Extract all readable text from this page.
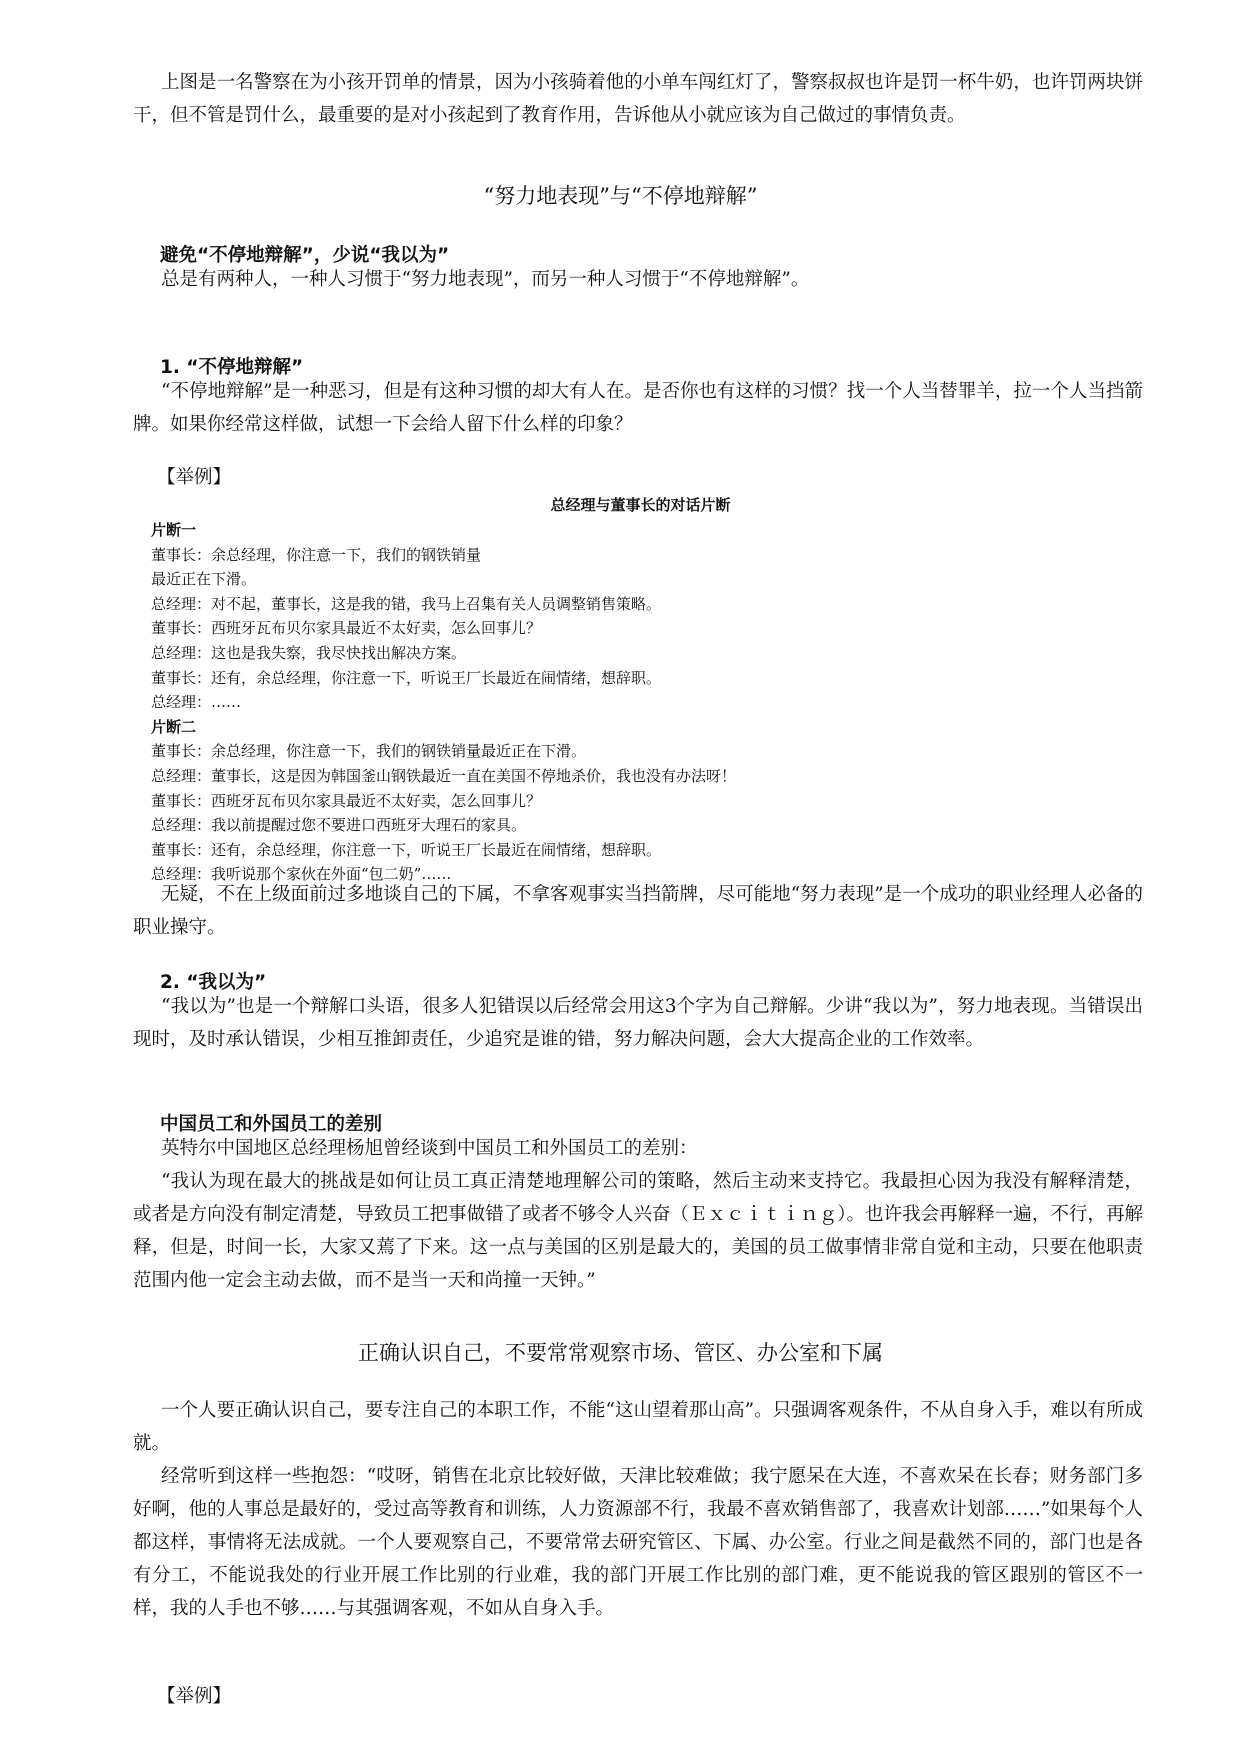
上图是一名警察在为小孩开罚单的情景，因为小孩骑着他的小单车闯红灯了，警察叔叔也许是罚一杯牛奶，也许罚两块饼干，但不管是罚什么，最重要的是对小孩起到了教育作用，告诉他从小就应该为自己做过的事情负责。

“努力地表现”与“不停地辩解”

避免“不停地辩解”，少说“我以为”

总是有两种人，一种人习惯于“努力地表现”，而另一种人习惯于“不停地辩解”。

1. “不停地辩解”

“不停地辩解”是一种恶习，但是有这种习惯的却大有人在。是否你也有这样的习惯？找一个人当替罪羊，拉一个人当挡箭牌。如果你经常这样做，试想一下会给人留下什么样的印象？

【举例】

总经理与董事长的对话片断

片断一
董事长：余总经理，你注意一下，我们的钢铁销量
最近正在下滑。
总经理：对不起，董事长，这是我的错，我马上召集有关人员调整销售策略。
董事长：西班牙瓦布贝尔家具最近不太好卖，怎么回事儿？
总经理：这也是我失察，我尽快找出解决方案。
董事长：还有，余总经理，你注意一下，听说王厂长最近在闹情绪，想辞职。
总经理：……
片断二
董事长：余总经理，你注意一下，我们的钢铁销量最近正在下滑。
总经理：董事长，这是因为韩国釜山钢铁最近一直在美国不停地杀价，我也没有办法呀！
董事长：西班牙瓦布贝尔家具最近不太好卖，怎么回事儿？
总经理：我以前提醒过您不要进口西班牙大理石的家具。
董事长：还有，余总经理，你注意一下，听说王厂长最近在闹情绪，想辞职。
总经理：我听说那个家伙在外面“包二奶”……

无疑，不在上级面前过多地谈自己的下属，不拿客观事实当挡箭牌，尽可能地“努力表现”是一个成功的职业经理人必备的职业操守。

2. “我以为”

“我以为”也是一个辩解口头语，很多人犯错误以后经常会用这3个字为自己辩解。少讲“我以为”，努力地表现。当错误出现时，及时承认错误，少相互推卸责任，少追究是谁的错，努力解决问题，会大大提高企业的工作效率。

中国员工和外国员工的差别

英特尔中国地区总经理杨旭曾经谈到中国员工和外国员工的差别：

“我认为现在最大的挑战是如何让员工真正清楚地理解公司的策略，然后主动来支持它。我最担心因为我没有解释清楚，或者是方向没有制定清楚，导致员工把事做错了或者不够令人兴奋（Ｅｘｃｉｔｉｎｇ）。也许我会再解释一遍，不行，再解释，但是，时间一长，大家又蔫了下来。这一点与美国的区别是最大的，美国的员工做事情非常自觉和主动，只要在他职责范围内他一定会主动去做，而不是当一天和尚撞一天钟。”

正确认识自己，不要常常观察市场、管区、办公室和下属

一个人要正确认识自己，要专注自己的本职工作，不能“这山望着那山高”。只强调客观条件，不从自身入手，难以有所成就。

经常听到这样一些抱怨：“哎呀，销售在北京比较好做，天津比较难做；我宁愿呆在大连，不喜欢呆在长春；财务部门多好啊，他的人事总是最好的，受过高等教育和训练，人力资源部不行，我最不喜欢销售部了，我喜欢计划部……”如果每个人都这样，事情将无法成就。一个人要观察自己，不要常常去研究管区、下属、办公室。行业之间是截然不同的，部门也是各有分工，不能说我处的行业开展工作比别的行业难，我的部门开展工作比别的部门难，更不能说我的管区跟别的管区不一样，我的人手也不够……与其强调客观，不如从自身入手。

【举例】
